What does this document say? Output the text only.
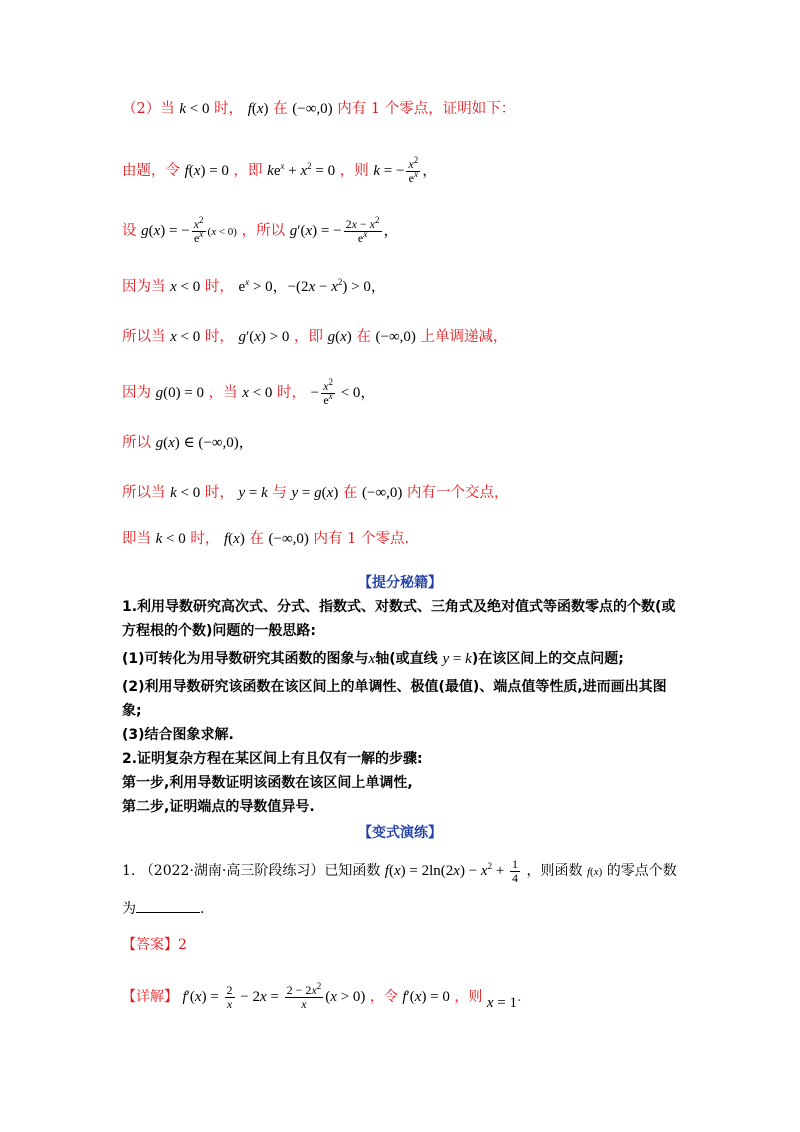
（2）当 k < 0 时， f(x) 在 (−∞,0) 内有 1 个零点，证明如下：
由题，令 f(x) = 0 ，即 $ke^x + x^2 = 0$ ，则 k = − $\frac{x^2}{e^x}$ ，
设 g(x) = − $\frac{x^2}{e^x} (x < 0)$ ，所以 g′(x) = − $\frac{2x - x^2}{e^x}$ ，
因为当 x < 0 时， $e^x > 0$，$-(2x - x^2) > 0$，
所以当 x < 0 时， g′(x) > 0 ，即 g(x) 在 (−∞,0) 上单调递减，
因为 g(0) = 0 ，当 x < 0 时， − $\frac{x^2}{e^x} < 0$，
所以 g(x) ∈ (−∞,0)，
所以当 k < 0 时， y = k 与 y = g(x) 在 (−∞,0) 内有一个交点，
即当 k < 0 时， f(x) 在 (−∞,0) 内有 1 个零点.
【提分秘籍】
1.利用导数研究高次式、分式、指数式、对数式、三角式及绝对值式等函数零点的个数(或
方程根的个数)问题的一般思路:
(1)可转化为用导数研究其函数的图象与x轴(或直线 y = k)在该区间上的交点问题;
(2)利用导数研究该函数在该区间上的单调性、极值(最值)、端点值等性质,进而画出其图
象;
(3)结合图象求解.
2.证明复杂方程在某区间上有且仅有一解的步骤:
第一步,利用导数证明该函数在该区间上单调性,
第二步,证明端点的导数值异号.
【变式演练】
1. （2022·湖南·高三阶段练习）已知函数 $f(x) = 2\ln(2x) - x^2 + \frac{1}{4}$ ，则函数 f(x) 的零点个数
为	.
【答案】2
【详解】 $f'(x) = \frac{2}{x} - 2x = \frac{2 - 2x^2}{x} (x > 0)$ ，令 f′(x) = 0 ，则 x = 1.
